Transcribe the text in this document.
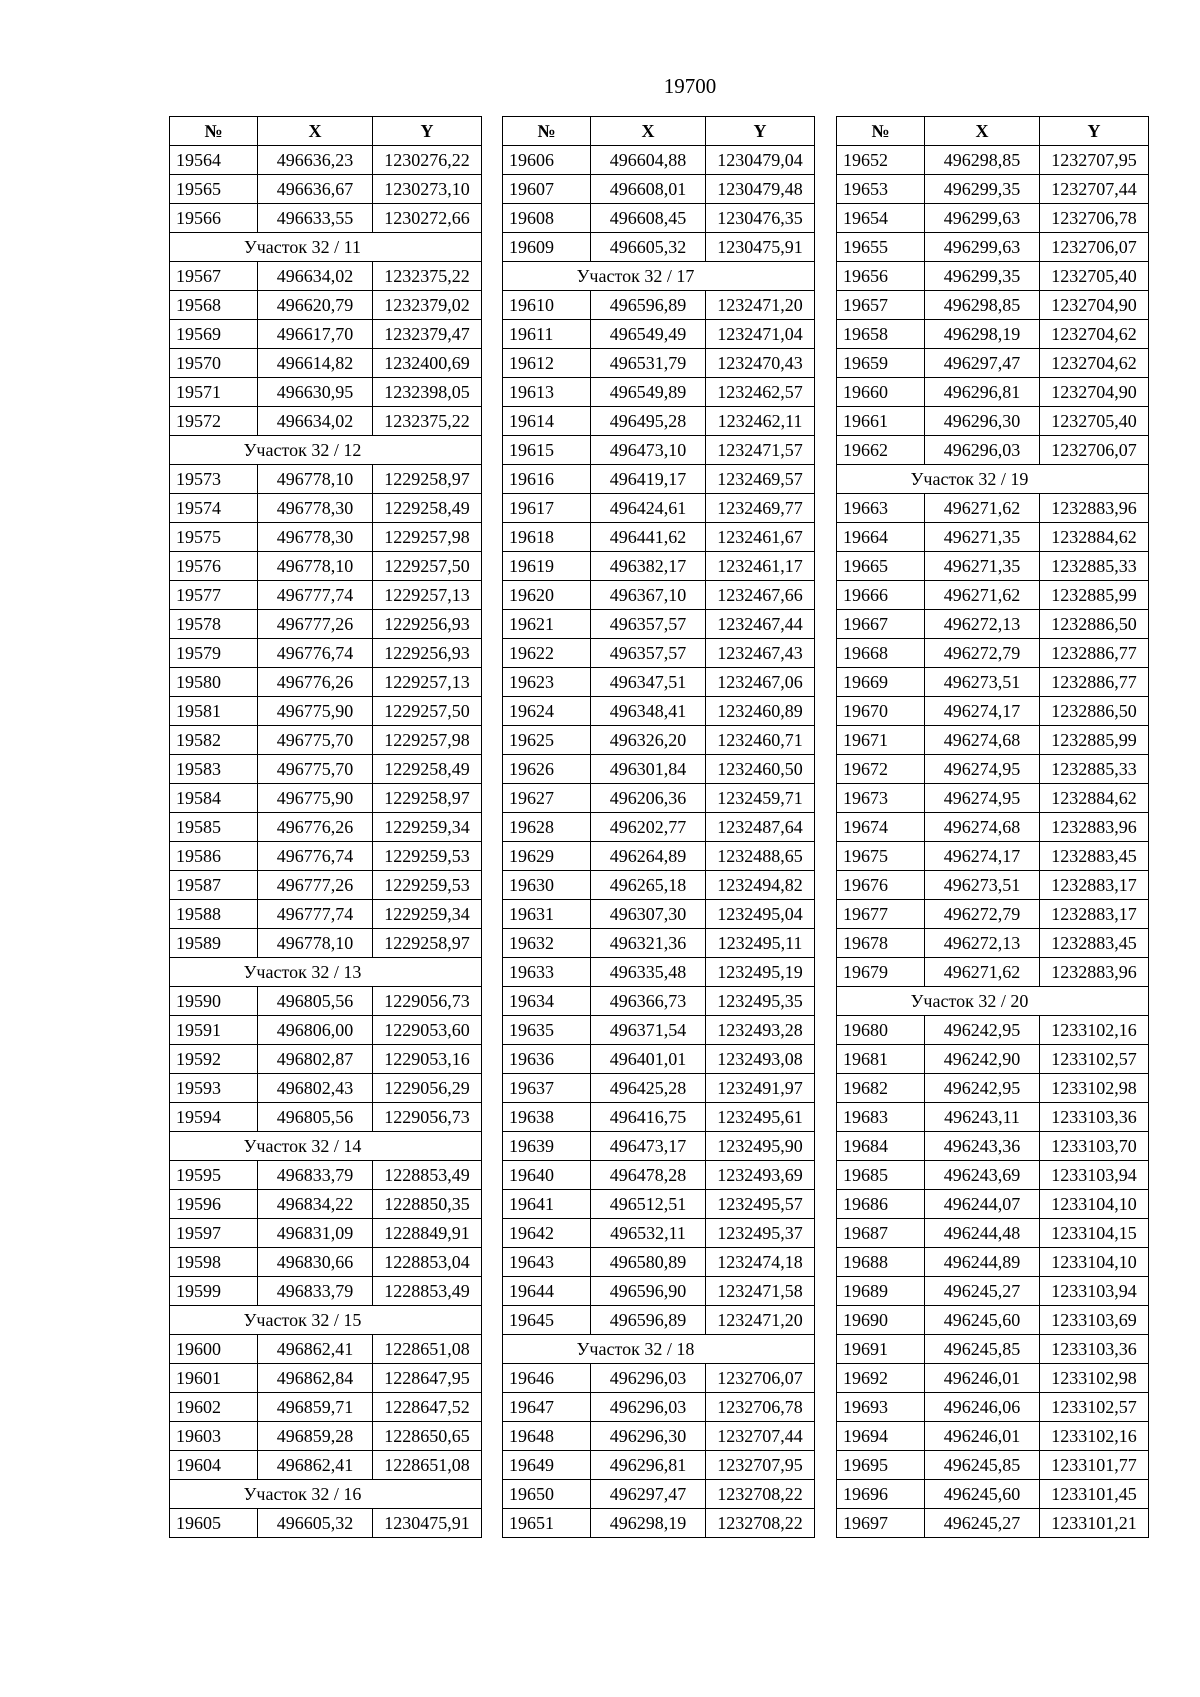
19700
№	X	Y
19564	496636,23	1230276,22
19565	496636,67	1230273,10
19566	496633,55	1230272,66
Участок 32 / 11		
19567	496634,02	1232375,22
19568	496620,79	1232379,02
19569	496617,70	1232379,47
19570	496614,82	1232400,69
19571	496630,95	1232398,05
19572	496634,02	1232375,22
Участок 32 / 12		
19573	496778,10	1229258,97
19574	496778,30	1229258,49
19575	496778,30	1229257,98
19576	496778,10	1229257,50
19577	496777,74	1229257,13
19578	496777,26	1229256,93
19579	496776,74	1229256,93
19580	496776,26	1229257,13
19581	496775,90	1229257,50
19582	496775,70	1229257,98
19583	496775,70	1229258,49
19584	496775,90	1229258,97
19585	496776,26	1229259,34
19586	496776,74	1229259,53
19587	496777,26	1229259,53
19588	496777,74	1229259,34
19589	496778,10	1229258,97
Участок 32 / 13		
19590	496805,56	1229056,73
19591	496806,00	1229053,60
19592	496802,87	1229053,16
19593	496802,43	1229056,29
19594	496805,56	1229056,73
Участок 32 / 14		
19595	496833,79	1228853,49
19596	496834,22	1228850,35
19597	496831,09	1228849,91
19598	496830,66	1228853,04
19599	496833,79	1228853,49
Участок 32 / 15		
19600	496862,41	1228651,08
19601	496862,84	1228647,95
19602	496859,71	1228647,52
19603	496859,28	1228650,65
19604	496862,41	1228651,08
Участок 32 / 16		
19605	496605,32	1230475,91
№	X	Y
19606	496604,88	1230479,04
19607	496608,01	1230479,48
19608	496608,45	1230476,35
19609	496605,32	1230475,91
Участок 32 / 17		
19610	496596,89	1232471,20
19611	496549,49	1232471,04
19612	496531,79	1232470,43
19613	496549,89	1232462,57
19614	496495,28	1232462,11
19615	496473,10	1232471,57
19616	496419,17	1232469,57
19617	496424,61	1232469,77
19618	496441,62	1232461,67
19619	496382,17	1232461,17
19620	496367,10	1232467,66
19621	496357,57	1232467,44
19622	496357,57	1232467,43
19623	496347,51	1232467,06
19624	496348,41	1232460,89
19625	496326,20	1232460,71
19626	496301,84	1232460,50
19627	496206,36	1232459,71
19628	496202,77	1232487,64
19629	496264,89	1232488,65
19630	496265,18	1232494,82
19631	496307,30	1232495,04
19632	496321,36	1232495,11
19633	496335,48	1232495,19
19634	496366,73	1232495,35
19635	496371,54	1232493,28
19636	496401,01	1232493,08
19637	496425,28	1232491,97
19638	496416,75	1232495,61
19639	496473,17	1232495,90
19640	496478,28	1232493,69
19641	496512,51	1232495,57
19642	496532,11	1232495,37
19643	496580,89	1232474,18
19644	496596,90	1232471,58
19645	496596,89	1232471,20
Участок 32 / 18		
19646	496296,03	1232706,07
19647	496296,03	1232706,78
19648	496296,30	1232707,44
19649	496296,81	1232707,95
19650	496297,47	1232708,22
19651	496298,19	1232708,22
№	X	Y
19652	496298,85	1232707,95
19653	496299,35	1232707,44
19654	496299,63	1232706,78
19655	496299,63	1232706,07
19656	496299,35	1232705,40
19657	496298,85	1232704,90
19658	496298,19	1232704,62
19659	496297,47	1232704,62
19660	496296,81	1232704,90
19661	496296,30	1232705,40
19662	496296,03	1232706,07
Участок 32 / 19		
19663	496271,62	1232883,96
19664	496271,35	1232884,62
19665	496271,35	1232885,33
19666	496271,62	1232885,99
19667	496272,13	1232886,50
19668	496272,79	1232886,77
19669	496273,51	1232886,77
19670	496274,17	1232886,50
19671	496274,68	1232885,99
19672	496274,95	1232885,33
19673	496274,95	1232884,62
19674	496274,68	1232883,96
19675	496274,17	1232883,45
19676	496273,51	1232883,17
19677	496272,79	1232883,17
19678	496272,13	1232883,45
19679	496271,62	1232883,96
Участок 32 / 20		
19680	496242,95	1233102,16
19681	496242,90	1233102,57
19682	496242,95	1233102,98
19683	496243,11	1233103,36
19684	496243,36	1233103,70
19685	496243,69	1233103,94
19686	496244,07	1233104,10
19687	496244,48	1233104,15
19688	496244,89	1233104,10
19689	496245,27	1233103,94
19690	496245,60	1233103,69
19691	496245,85	1233103,36
19692	496246,01	1233102,98
19693	496246,06	1233102,57
19694	496246,01	1233102,16
19695	496245,85	1233101,77
19696	496245,60	1233101,45
19697	496245,27	1233101,21
